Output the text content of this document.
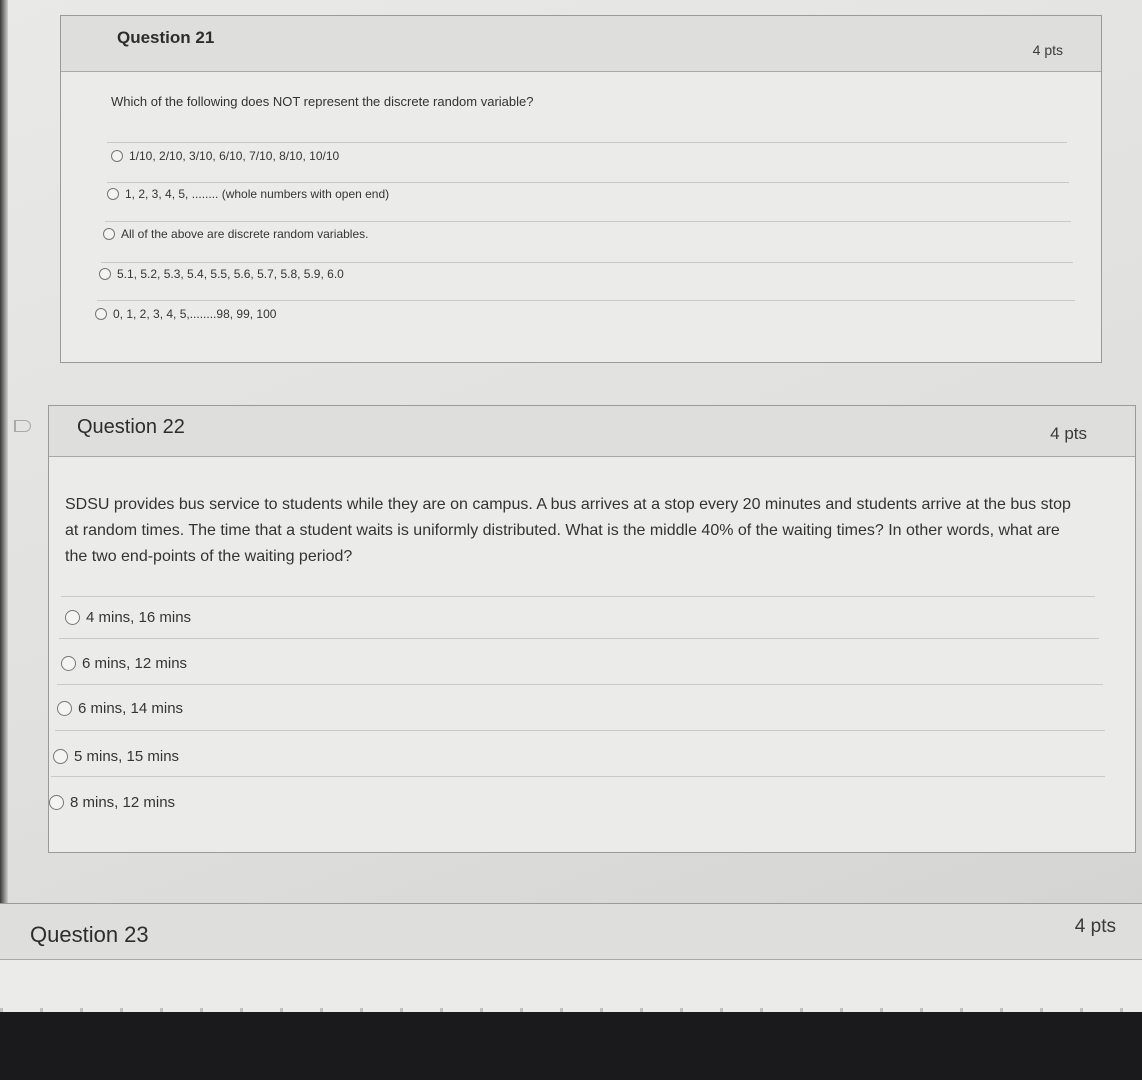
Question 21
4 pts
Which of the following does NOT represent the discrete random variable?
1/10, 2/10, 3/10, 6/10, 7/10, 8/10, 10/10
1, 2, 3, 4, 5, ........ (whole numbers with open end)
All of the above are discrete random variables.
5.1, 5.2, 5.3, 5.4, 5.5, 5.6, 5.7, 5.8, 5.9, 6.0
0, 1, 2, 3, 4, 5,........98, 99, 100
Question 22	4 pts
SDSU provides bus service to students while they are on campus. A bus arrives at a stop every 20 minutes and students arrive at the bus stop at random times. The time that a student waits is uniformly distributed. What is the middle 40% of the waiting times? In other words, what are the two end-points of the waiting period?
4 mins, 16 mins
6 mins, 12 mins
6 mins, 14 mins
5 mins, 15 mins
8 mins, 12 mins
Question 23	4 pts
